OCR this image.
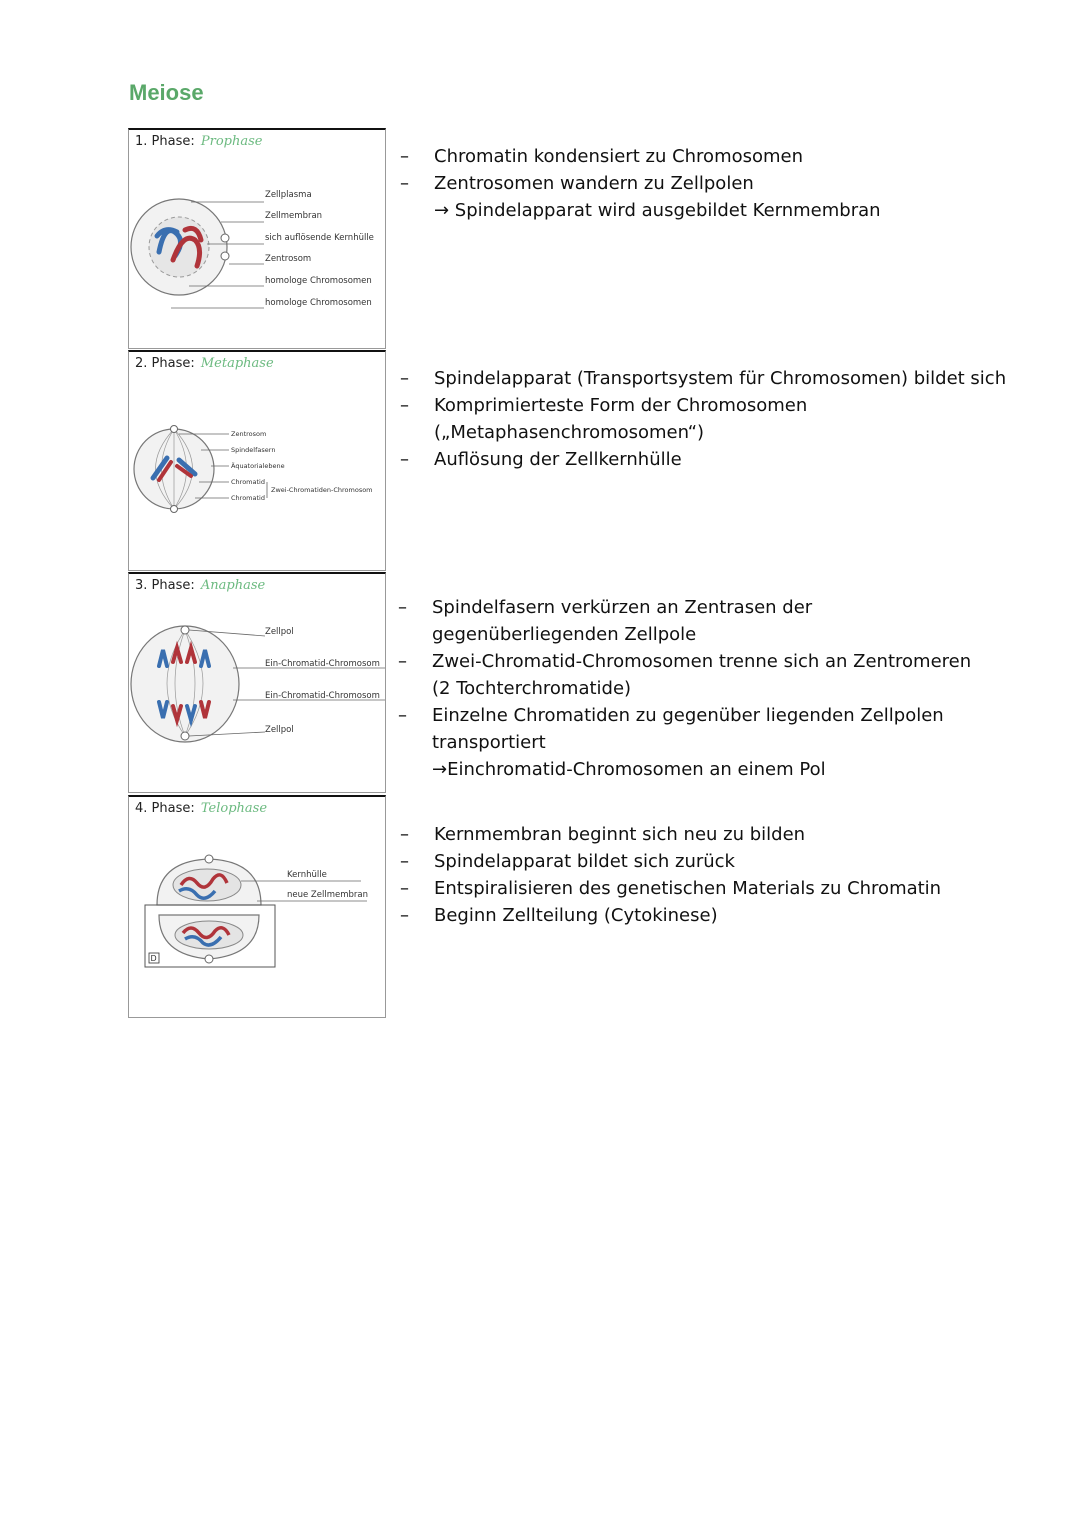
Meiose
1. Phase: Prophase
Zellplasma
Zellmembran
sich auflösende Kernhülle
Zentrosom
homologe Chromosomen
homologe Chromosomen
– Chromatin kondensiert zu Chromosomen
– Zentrosomen wandern zu Zellpolen
→ Spindelapparat wird ausgebildet Kernmembran
2. Phase: Metaphase
Zentrosom
Spindelfasern
Äquatorialebene
Chromatid
Zwei-Chromatiden-Chromosom
Chromatid
– Spindelapparat (Transportsystem für Chromosomen) bildet sich
– Komprimierteste Form der Chromosomen („Metaphasenchromosomen“)
– Auflösung der Zellkernhülle
3. Phase: Anaphase
Zellpol
Ein-Chromatid-Chromosom
Ein-Chromatid-Chromosom
Zellpol
– Spindelfasern verkürzen an Zentrasen der gegenüberliegenden Zellpole
– Zwei-Chromatid-Chromosomen trenne sich an Zentromeren (2 Tochterchromatide)
– Einzelne Chromatiden zu gegenüber liegenden Zellpolen transportiert
→Einchromatid-Chromosomen an einem Pol
4. Phase: Telophase
D
Kernhülle
neue Zellmembran
– Kernmembran beginnt sich neu zu bilden
– Spindelapparat bildet sich zurück
– Entspiralisieren des genetischen Materials zu Chromatin
– Beginn Zellteilung (Cytokinese)
